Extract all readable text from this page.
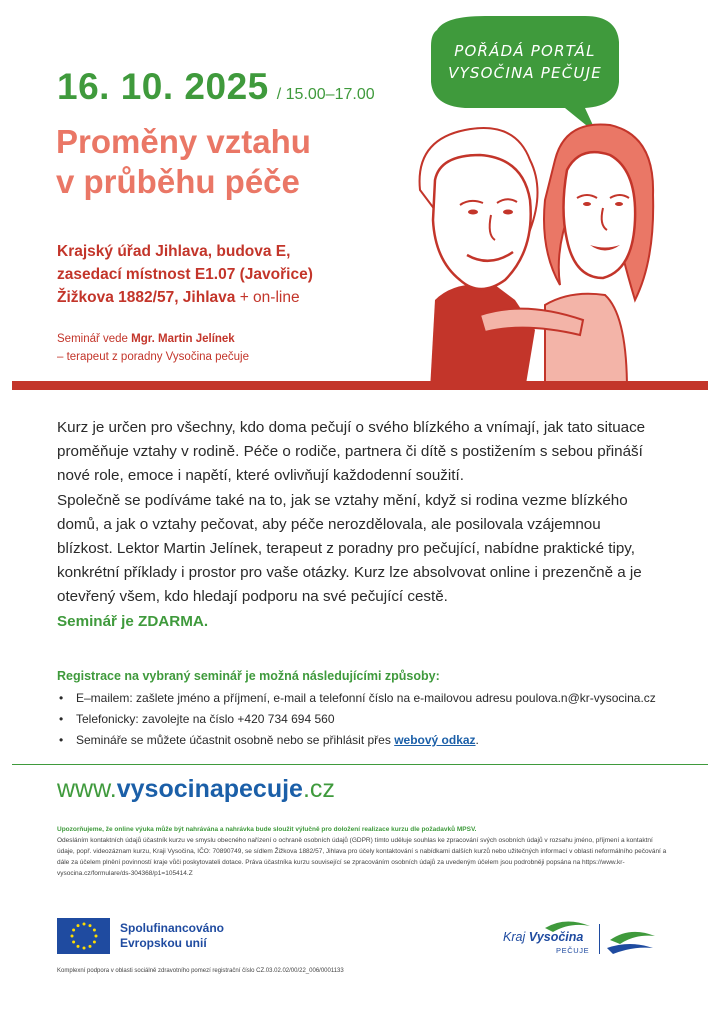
16. 10. 2025 / 15.00–17.00
Proměny vztahu
v průběhu péče
Krajský úřad Jihlava, budova E,
zasedací místnost E1.07 (Javořice)
Žižkova 1882/57, Jihlava + on-line
Seminář vede Mgr. Martin Jelínek
– terapeut z poradny Vysočina pečuje
POŘÁDÁ PORTÁL
VYSOČINA PEČUJE

Kurz je určen pro všechny, kdo doma pečují o svého blízkého a vnímají, jak tato situace proměňuje vztahy v rodině. Péče o rodiče, partnera či dítě s postižením s sebou přináší nové role, emoce i napětí, které ovlivňují každodenní soužití.

Společně se podíváme také na to, jak se vztahy mění, když si rodina vezme blízkého domů, a jak o vztahy pečovat, aby péče nerozdělovala, ale posilovala vzájemnou blízkost. Lektor Martin Jelínek, terapeut z poradny pro pečující, nabídne praktické tipy, konkrétní příklady i prostor pro vaše otázky. Kurz lze absolvovat online i prezenčně a je otevřený všem, kdo hledají podporu na své pečující cestě.

Seminář je ZDARMA.

Registrace na vybraný seminář je možná následujícími způsoby:
• E–mailem: zašlete jméno a příjmení, e-mail a telefonní číslo na e-mailovou adresu poulova.n@kr-vysocina.cz
• Telefonicky: zavolejte na číslo +420 734 694 560
• Semináře se můžete účastnit osobně nebo se přihlásit přes webový odkaz.
www.vysocinapecuje.cz
Upozorňujeme, že online výuka může být nahrávána a nahrávka bude sloužit výlučně pro doložení realizace kurzu dle požadavků MPSV.
Odesláním kontaktních údajů účastník kurzu ve smyslu obecného nařízení o ochraně osobních údajů (GDPR) tímto uděluje souhlas ke zpracování svých osobních údajů v rozsahu jméno, příjmení a kontaktní údaje, popř. videozáznam kurzu, Kraji Vysočina, IČO: 70890749, se sídlem Žižkova 1882/57, Jihlava pro účely kontaktování s nabídkami dalších kurzů nebo užitečných informací v oblasti neformálního pečování a dále za účelem plnění povinností kraje vůči poskytovateli dotace. Práva účastníka kurzu související se zpracováním osobních údajů za uvedeným účelem jsou podrobněji popsána na https://www.kr-vysocina.cz/formulare/ds-304368/p1=105414.Z
Spolufinancováno
Evropskou unií	Kraj Vysočina
PEČUJE
Komplexní podpora v oblasti sociálně zdravotního pomezí registrační číslo CZ.03.02.02/00/22_006/0001133
